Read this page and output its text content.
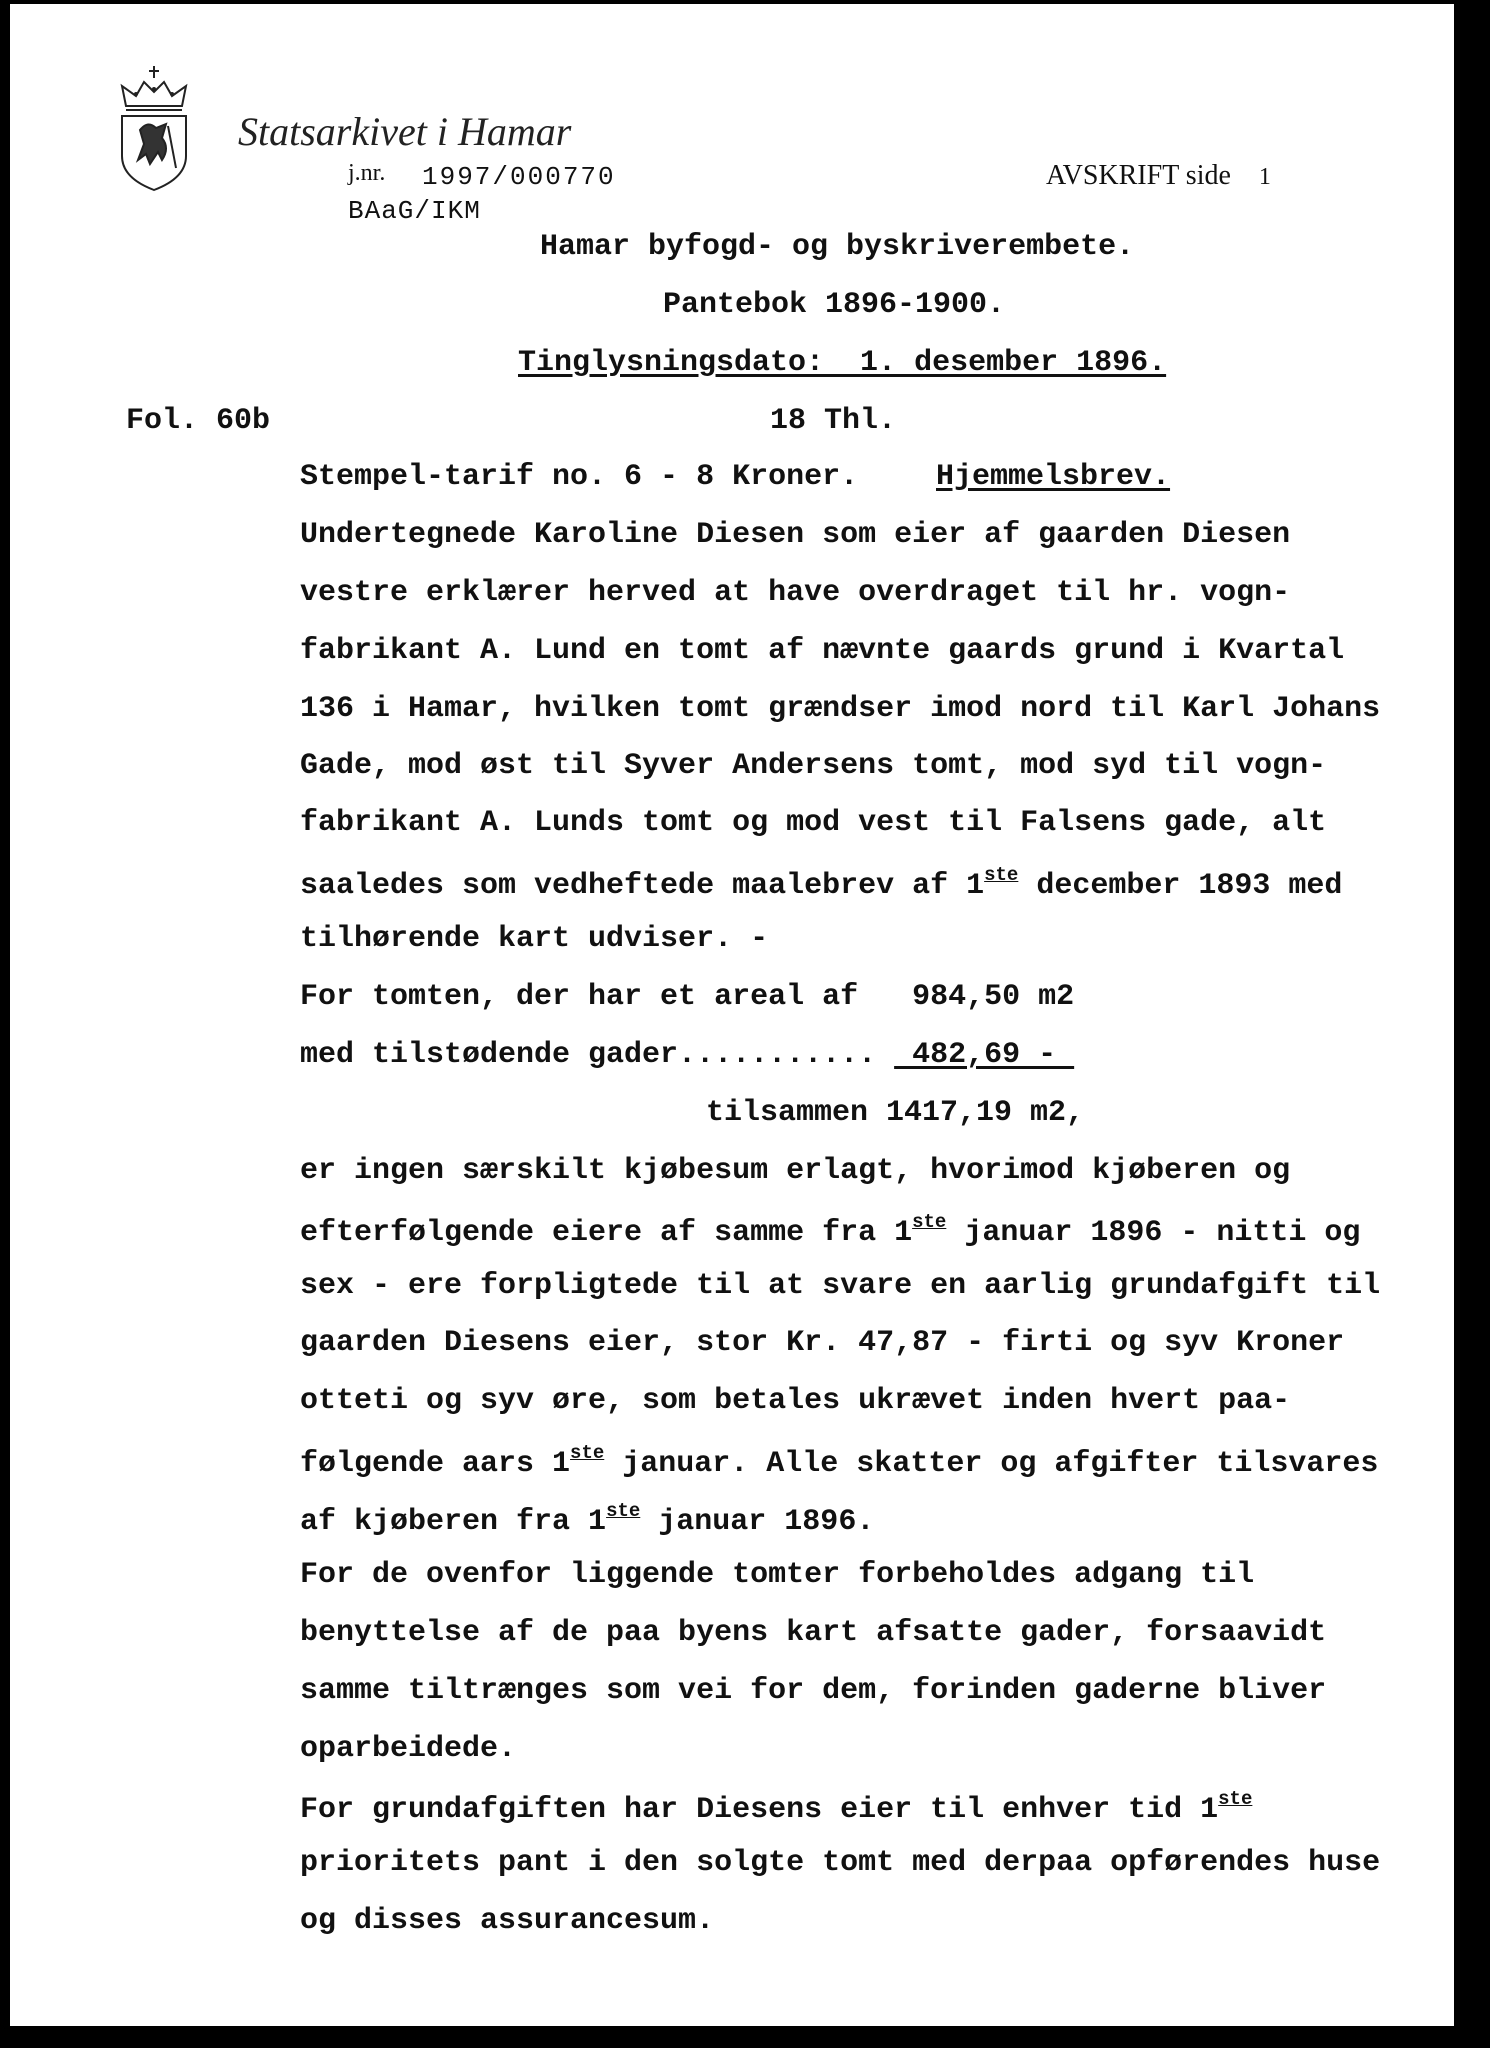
Statsarkivet i Hamar
j.nr. 1997/000770
BAaG/IKM
AVSKRIFT side 1
Hamar byfogd- og byskriverembete.
Pantebok 1896-1900.
Tinglysningsdato:  1. desember 1896.
Fol. 60b	18 Thl.
Stempel-tarif no. 6 - 8 Kroner.	Hjemmelsbrev.
Undertegnede Karoline Diesen som eier af gaarden Diesen
vestre erklærer herved at have overdraget til hr. vogn-
fabrikant A. Lund en tomt af nævnte gaards grund i Kvartal
136 i Hamar, hvilken tomt grændser imod nord til Karl Johans
Gade, mod øst til Syver Andersens tomt, mod syd til vogn-
fabrikant A. Lunds tomt og mod vest til Falsens gade, alt
saaledes som vedheftede maalebrev af 1ste december 1893 med
tilhørende kart udviser. -
For tomten, der har et areal af   984,50 m2
med tilstødende gader...........  482,69 -
tilsammen 1417,19 m2,
er ingen særskilt kjøbesum erlagt, hvorimod kjøberen og
efterfølgende eiere af samme fra 1ste januar 1896 - nitti og
sex - ere forpligtede til at svare en aarlig grundafgift til
gaarden Diesens eier, stor Kr. 47,87 - firti og syv Kroner
otteti og syv øre, som betales ukrævet inden hvert paa-
følgende aars 1ste januar. Alle skatter og afgifter tilsvares
af kjøberen fra 1ste januar 1896.
For de ovenfor liggende tomter forbeholdes adgang til
benyttelse af de paa byens kart afsatte gader, forsaavidt
samme tiltrænges som vei for dem, forinden gaderne bliver
oparbeidede.
For grundafgiften har Diesens eier til enhver tid 1ste
prioritets pant i den solgte tomt med derpaa opførendes huse
og disses assurancesum.
